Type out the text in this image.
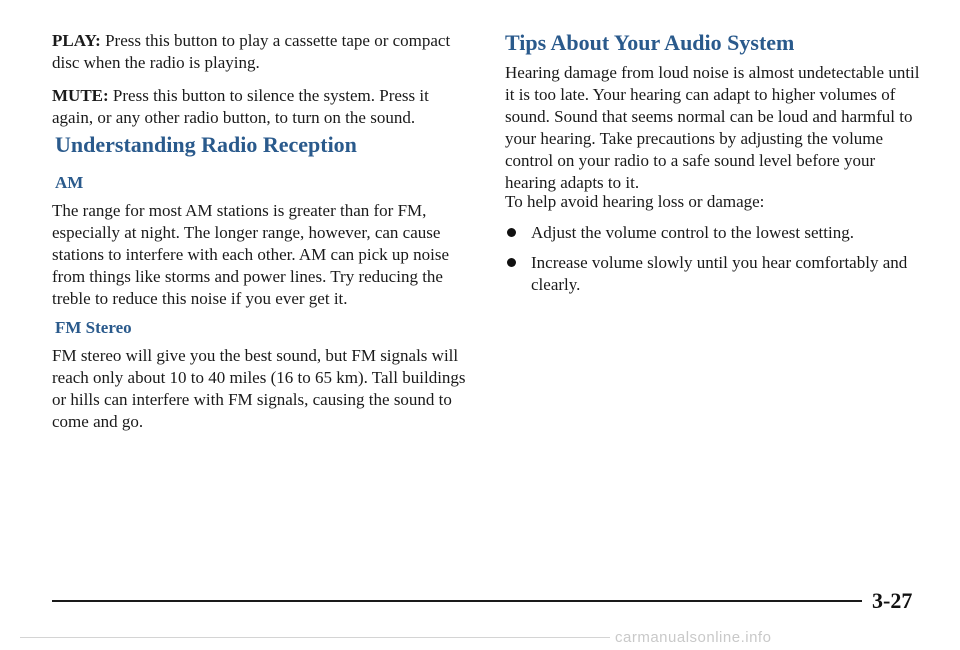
PLAY: Press this button to play a cassette tape or compact disc when the radio is playing.

MUTE: Press this button to silence the system. Press it again, or any other radio button, to turn on the sound.

Understanding Radio Reception
AM

The range for most AM stations is greater than for FM, especially at night. The longer range, however, can cause stations to interfere with each other. AM can pick up noise from things like storms and power lines. Try reducing the treble to reduce this noise if you ever get it.

FM Stereo

FM stereo will give you the best sound, but FM signals will reach only about 10 to 40 miles (16 to 65 km). Tall buildings or hills can interfere with FM signals, causing the sound to come and go.

Tips About Your Audio System

Hearing damage from loud noise is almost undetectable until it is too late. Your hearing can adapt to higher volumes of sound. Sound that seems normal can be loud and harmful to your hearing. Take precautions by adjusting the volume control on your radio to a safe sound level before your hearing adapts to it.

To help avoid hearing loss or damage:

Adjust the volume control to the lowest setting.
Increase volume slowly until you hear comfortably and clearly.
3-27
carmanualsonline.info
